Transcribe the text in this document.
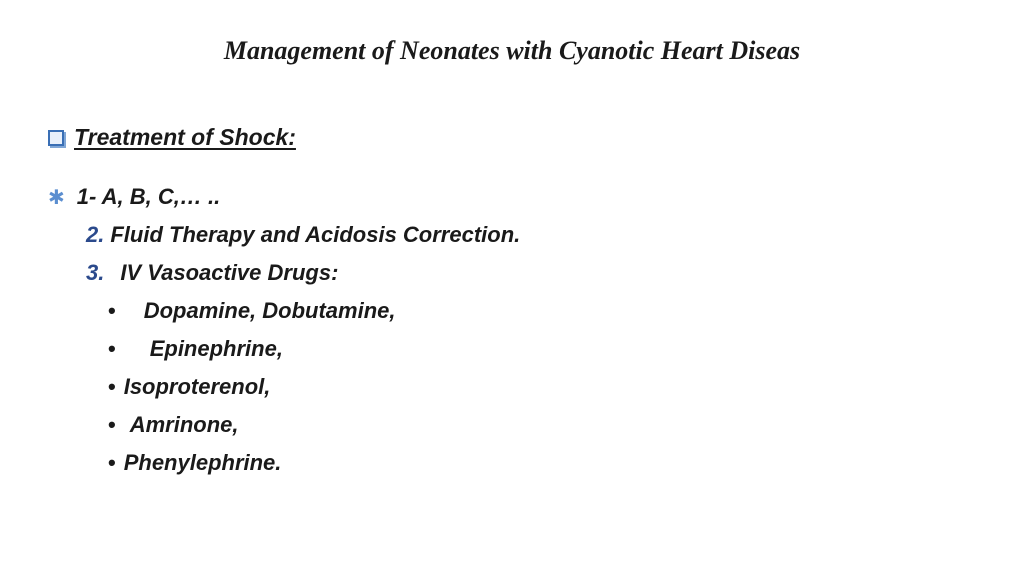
Management of Neonates with Cyanotic Heart Diseas
Treatment of Shock:
✱ 1- A, B, C,… ..
2. Fluid Therapy and Acidosis Correction.
3. IV Vasoactive Drugs:
• Dopamine, Dobutamine,
• Epinephrine,
• Isoproterenol,
• Amrinone,
• Phenylephrine.
